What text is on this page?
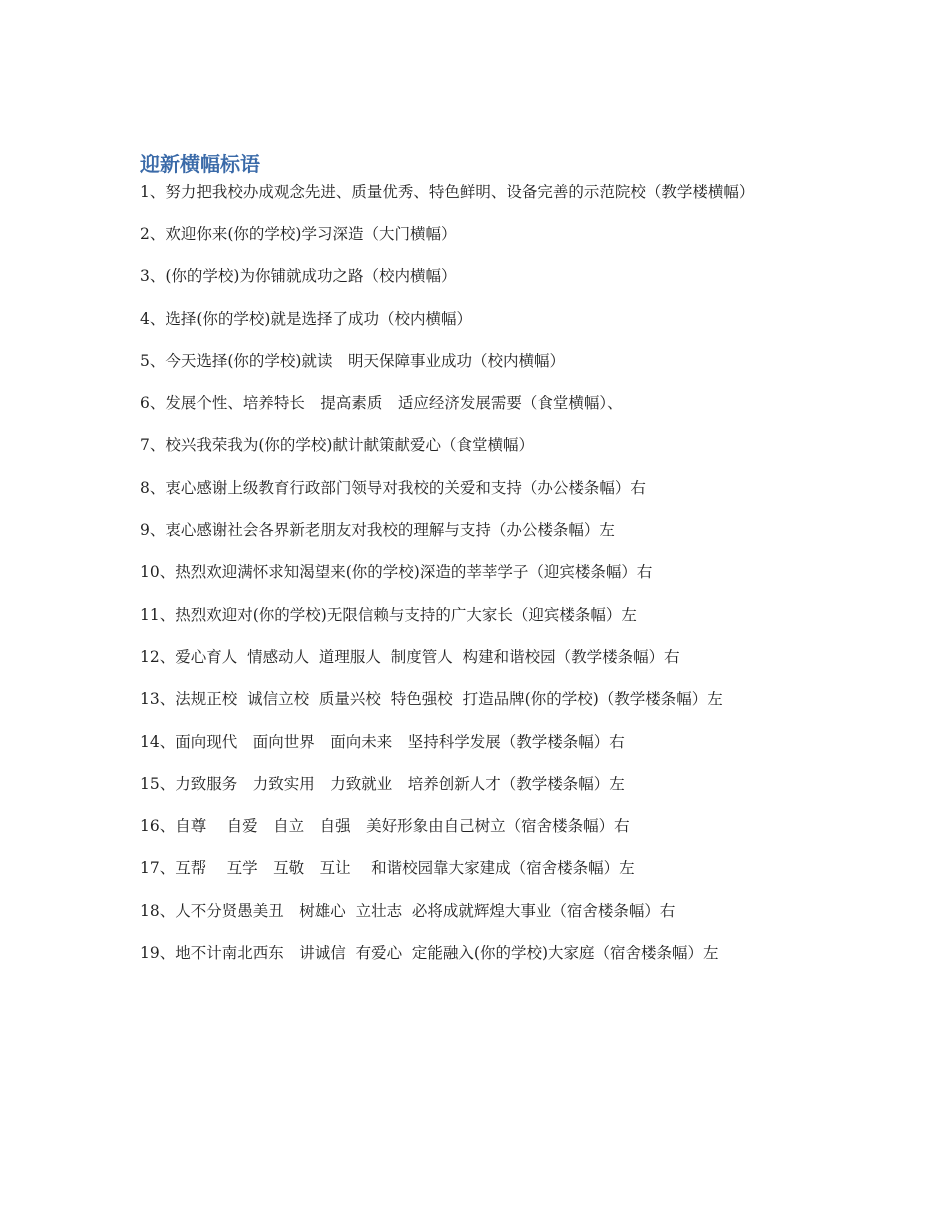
迎新横幅标语
1、努力把我校办成观念先进、质量优秀、特色鲜明、设备完善的示范院校（教学楼横幅）
2、欢迎你来(你的学校)学习深造（大门横幅）
3、(你的学校)为你铺就成功之路（校内横幅）
4、选择(你的学校)就是选择了成功（校内横幅）
5、今天选择(你的学校)就读　明天保障事业成功（校内横幅）
6、发展个性、培养特长　提高素质　适应经济发展需要（食堂横幅）、
7、校兴我荣我为(你的学校)献计献策献爱心（食堂横幅）
8、衷心感谢上级教育行政部门领导对我校的关爱和支持（办公楼条幅）右
9、衷心感谢社会各界新老朋友对我校的理解与支持（办公楼条幅）左
10、热烈欢迎满怀求知渴望来(你的学校)深造的莘莘学子（迎宾楼条幅）右
11、热烈欢迎对(你的学校)无限信赖与支持的广大家长（迎宾楼条幅）左
12、爱心育人  情感动人  道理服人  制度管人  构建和谐校园（教学楼条幅）右
13、法规正校  诚信立校  质量兴校  特色强校  打造品牌(你的学校)（教学楼条幅）左
14、面向现代　面向世界　面向未来　坚持科学发展（教学楼条幅）右
15、力致服务　力致实用　力致就业　培养创新人才（教学楼条幅）左
16、自尊　 自爱　自立　自强　美好形象由自己树立（宿舍楼条幅）右
17、互帮　 互学　互敬　互让　 和谐校园靠大家建成（宿舍楼条幅）左
18、人不分贤愚美丑　树雄心  立壮志  必将成就辉煌大事业（宿舍楼条幅）右
19、地不计南北西东　讲诚信  有爱心  定能融入(你的学校)大家庭（宿舍楼条幅）左
